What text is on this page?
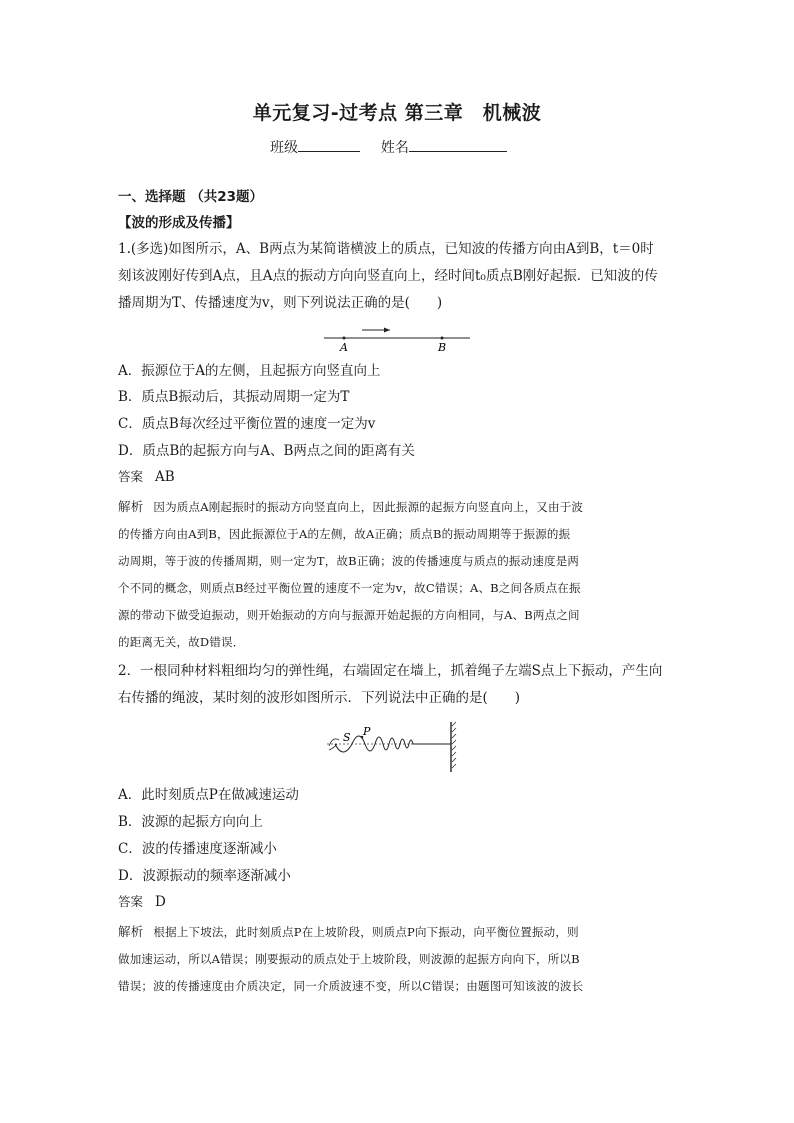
单元复习-过考点 第三章　机械波
班级	姓名
一、选择题 （共23题）
【波的形成及传播】
1.(多选)如图所示，A、B两点为某简谐横波上的质点，已知波的传播方向由A到B，t＝0时
刻该波刚好传到A点，且A点的振动方向向竖直向上，经时间t₀质点B刚好起振．已知波的传
播周期为T、传播速度为v，则下列说法正确的是(　　)
A	B
A．振源位于A的左侧，且起振方向竖直向上
B．质点B振动后，其振动周期一定为T
C．质点B每次经过平衡位置的速度一定为v
D．质点B的起振方向与A、B两点之间的距离有关
答案 AB
解析 因为质点A刚起振时的振动方向竖直向上，因此振源的起振方向竖直向上，又由于波
的传播方向由A到B，因此振源位于A的左侧，故A正确；质点B的振动周期等于振源的振
动周期，等于波的传播周期，则一定为T，故B正确；波的传播速度与质点的振动速度是两
个不同的概念，则质点B经过平衡位置的速度不一定为v，故C错误；A、B之间各质点在振
源的带动下做受迫振动，则开始振动的方向与振源开始起振的方向相同，与A、B两点之间
的距离无关，故D错误．
2．一根同种材料粗细均匀的弹性绳，右端固定在墙上，抓着绳子左端S点上下振动，产生向
右传播的绳波，某时刻的波形如图所示．下列说法中正确的是(　　)
S P
A．此时刻质点P在做减速运动
B．波源的起振方向向上
C．波的传播速度逐渐减小
D．波源振动的频率逐渐减小
答案 D
解析 根据上下坡法，此时刻质点P在上坡阶段，则质点P向下振动，向平衡位置振动，则
做加速运动，所以A错误；刚要振动的质点处于上坡阶段，则波源的起振方向向下，所以B
错误；波的传播速度由介质决定，同一介质波速不变，所以C错误；由题图可知该波的波长
